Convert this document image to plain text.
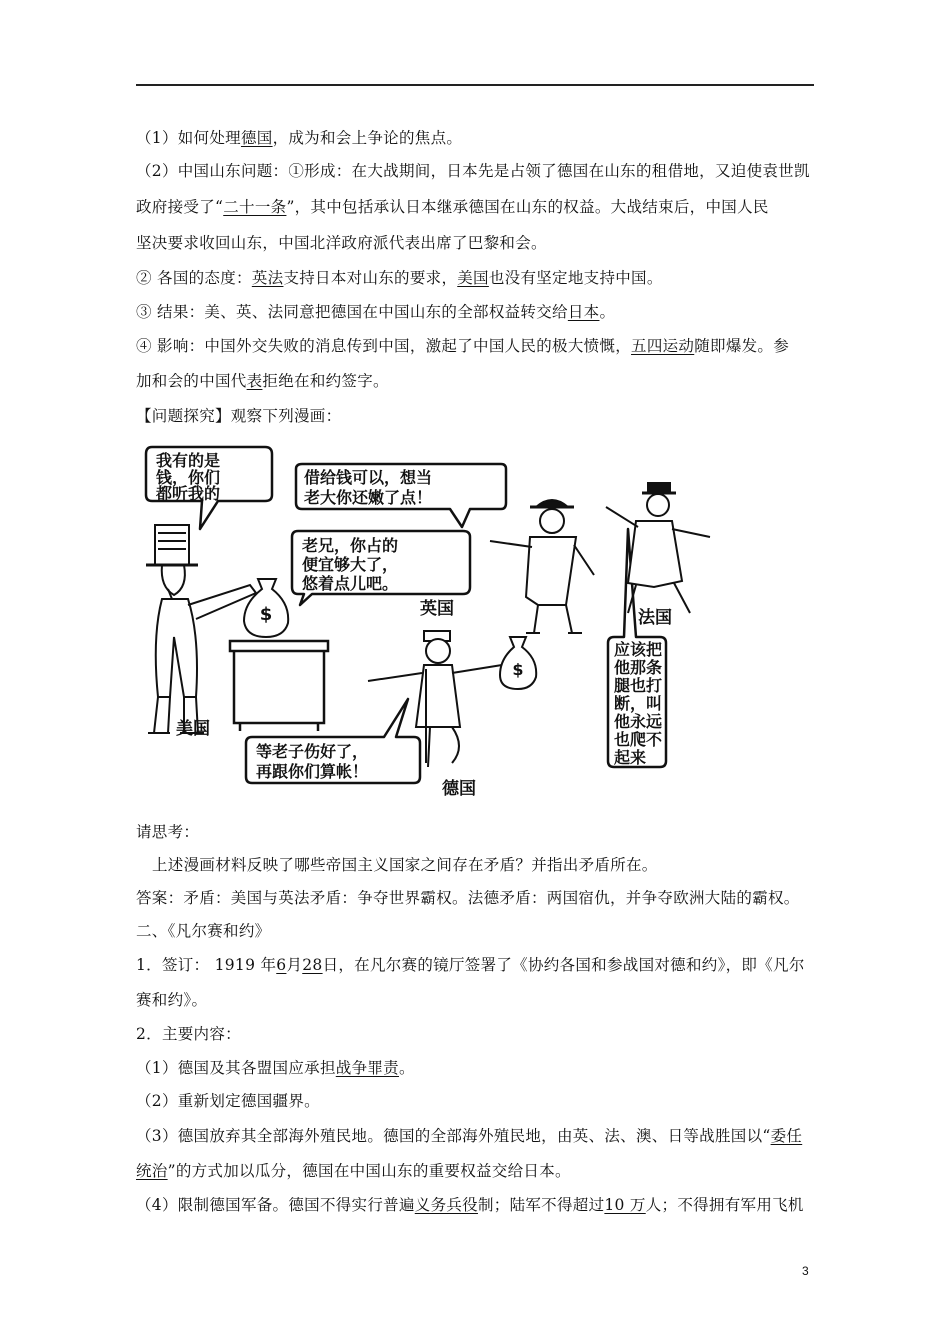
（1）如何处理德国，成为和会上争论的焦点。
（2）中国山东问题：①形成：在大战期间，日本先是占领了德国在山东的租借地，又迫使袁世凯
政府接受了“二十一条”，其中包括承认日本继承德国在山东的权益。大战结束后，中国人民
坚决要求收回山东，中国北洋政府派代表出席了巴黎和会。
② 各国的态度：英法支持日本对山东的要求，美国也没有坚定地支持中国。
③ 结果：美、英、法同意把德国在中国山东的全部权益转交给日本。
④ 影响：中国外交失败的消息传到中国，激起了中国人民的极大愤慨，五四运动随即爆发。参
加和会的中国代表拒绝在和约签字。
【问题探究】观察下列漫画：
$
$
我有的是
钱，你们
都听我的
借给钱可以，想当
老大你还嫩了点！
老兄，你占的
便宜够大了，
悠着点儿吧。
等老子伤好了，
再跟你们算帐！
应该把
他那条
腿也打
断，叫
他永远
也爬不
起来
美国
英国	法国
德国
请思考：
上述漫画材料反映了哪些帝国主义国家之间存在矛盾？并指出矛盾所在。
答案：矛盾：美国与英法矛盾：争夺世界霸权。法德矛盾：两国宿仇，并争夺欧洲大陆的霸权。
二、《凡尔赛和约》
1．签订： 1919 年6月28日，在凡尔赛的镜厅签署了《协约各国和参战国对德和约》，即《凡尔
赛和约》。
2．主要内容：
（1）德国及其各盟国应承担战争罪责。
（2）重新划定德国疆界。
（3）德国放弃其全部海外殖民地。德国的全部海外殖民地，由英、法、澳、日等战胜国以“委任
统治”的方式加以瓜分，德国在中国山东的重要权益交给日本。
（4）限制德国军备。德国不得实行普遍义务兵役制；陆军不得超过10 万人；不得拥有军用飞机
3
